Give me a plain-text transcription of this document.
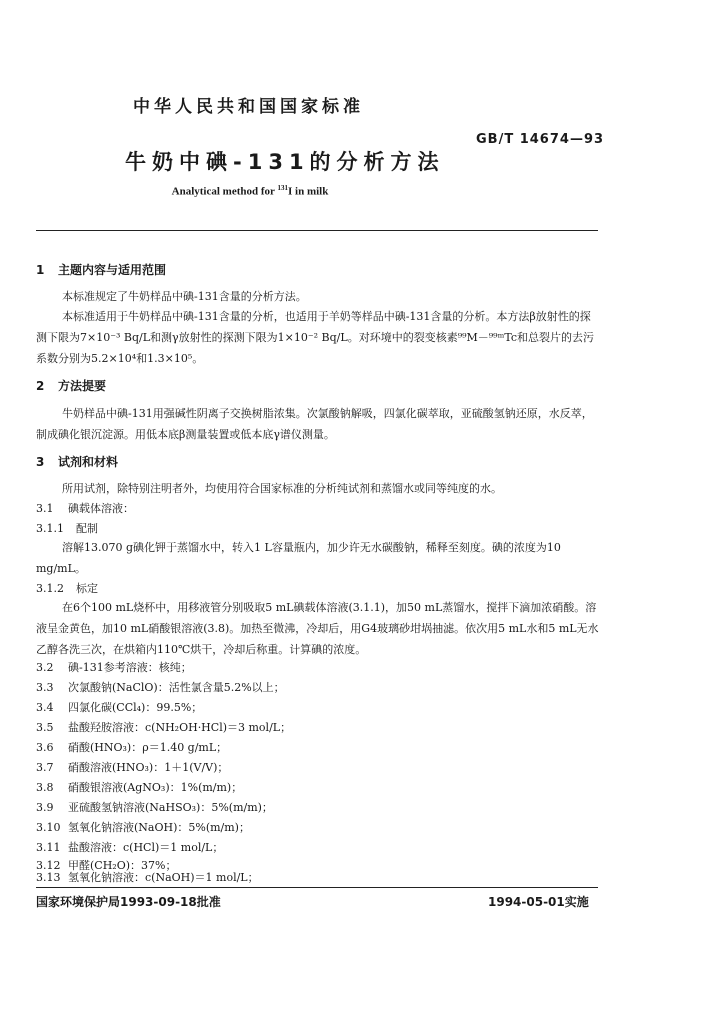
中华人民共和国国家标准
GB/T 14674—93
牛奶中碘-131的分析方法
Analytical method for $^{131}$I in milk
1 主题内容与适用范围
本标准规定了牛奶样品中碘-131含量的分析方法。
本标准适用于牛奶样品中碘-131含量的分析，也适用于羊奶等样品中碘-131含量的分析。本方法β放射性的探测下限为7×10⁻³ Bq/L和测γ放射性的探测下限为1×10⁻² Bq/L。对环境中的裂变核素⁹⁹M－⁹⁹ᵐTc和总裂片的去污系数分别为5.2×10⁴和1.3×10⁵。
2 方法提要
牛奶样品中碘-131用强碱性阴离子交换树脂浓集。次氯酸钠解吸，四氯化碳萃取，亚硫酸氢钠还原，水反萃，制成碘化银沉淀源。用低本底β测量装置或低本底γ谱仪测量。
3 试剂和材料
所用试剂，除特别注明者外，均使用符合国家标准的分析纯试剂和蒸馏水或同等纯度的水。
3.1 碘载体溶液：
3.1.1 配制
溶解13.070 g碘化钾于蒸馏水中，转入1 L容量瓶内，加少许无水碳酸钠，稀释至刻度。碘的浓度为10 mg/mL。
3.1.2 标定
在6个100 mL烧杯中，用移液管分别吸取5 mL碘载体溶液(3.1.1)，加50 mL蒸馏水，搅拌下滴加浓硝酸。溶液呈金黄色，加10 mL硝酸银溶液(3.8)。加热至微沸，冷却后，用G4玻璃砂坩埚抽滤。依次用5 mL水和5 mL无水乙醇各洗三次，在烘箱内110℃烘干，冷却后称重。计算碘的浓度。
3.2 碘-131参考溶液：核纯；
3.3 次氯酸钠(NaClO)：活性氯含量5.2%以上；
3.4 四氯化碳(CCl₄)：99.5%；
3.5 盐酸羟胺溶液：c(NH₂OH·HCl)＝3 mol/L；
3.6 硝酸(HNO₃)：ρ＝1.40 g/mL；
3.7 硝酸溶液(HNO₃)：1＋1(V/V)；
3.8 硝酸银溶液(AgNO₃)：1%(m/m)；
3.9 亚硫酸氢钠溶液(NaHSO₃)：5%(m/m)；
3.10 氢氧化钠溶液(NaOH)：5%(m/m)；
3.11 盐酸溶液：c(HCl)＝1 mol/L；
3.12 甲醛(CH₂O)：37%；
3.13 氢氧化钠溶液：c(NaOH)＝1 mol/L；
国家环境保护局1993-09-18批准	1994-05-01实施
